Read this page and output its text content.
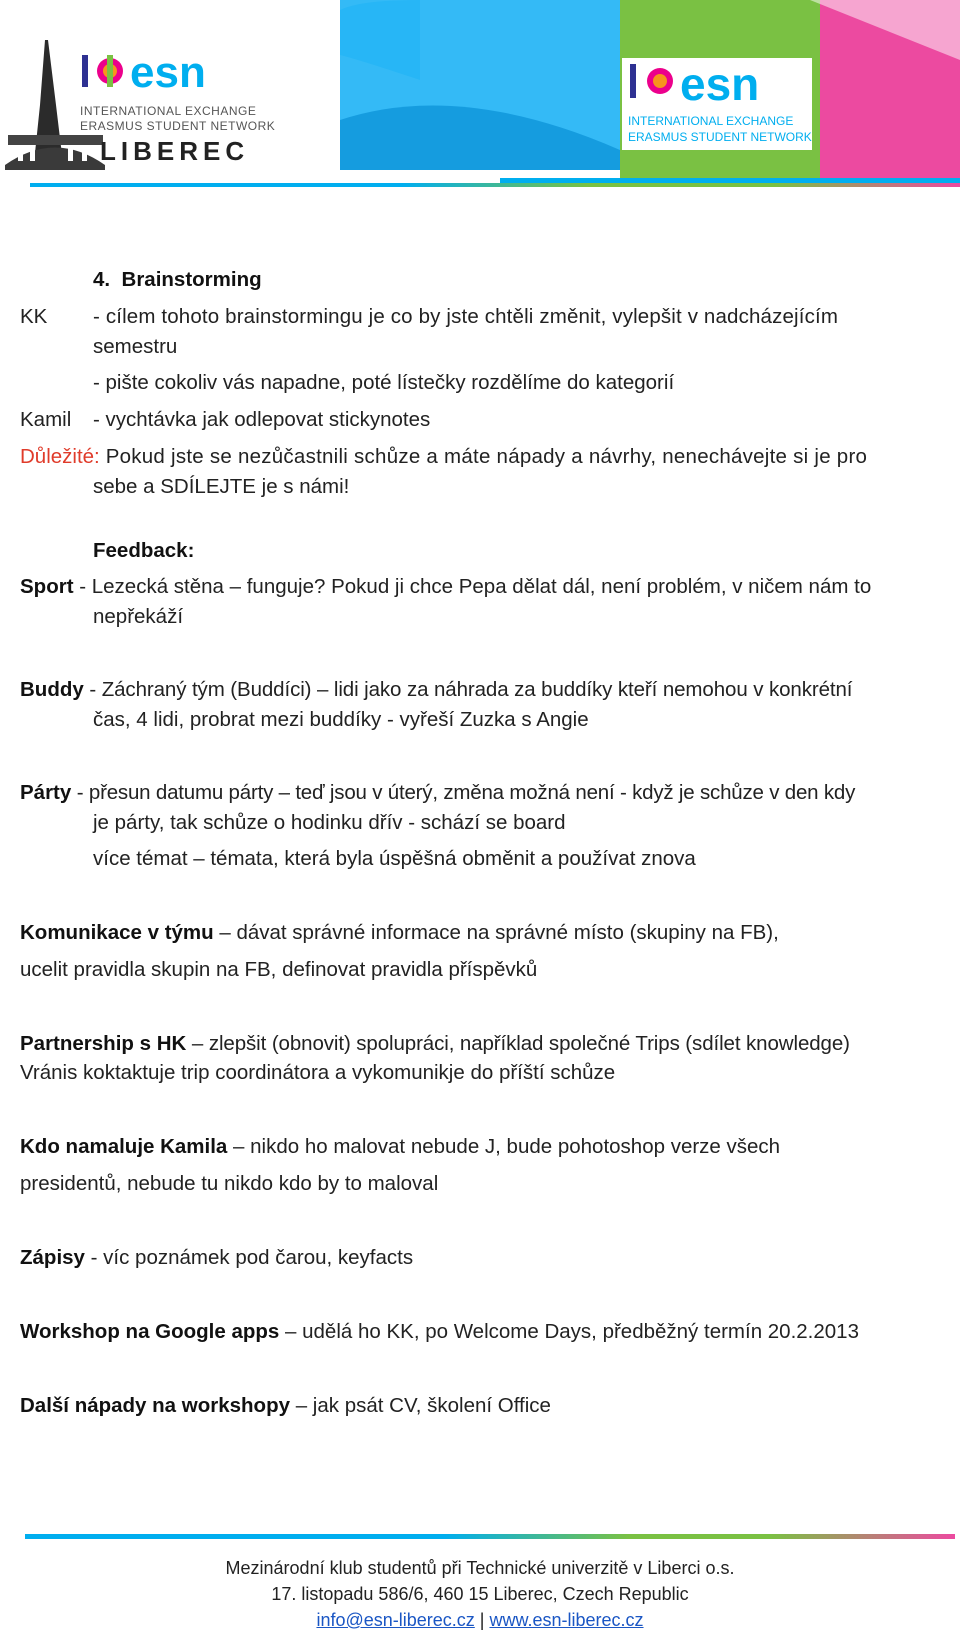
esn
INTERNATIONAL EXCHANGE
ERASMUS STUDENT NETWORK
LIBEREC
esn
INTERNATIONAL EXCHANGE
ERASMUS STUDENT NETWORK
4. Brainstorming
KK - cílem tohoto brainstormingu je co by jste chtěli změnit, vylepšit v nadcházejícím
semestru
- pište cokoliv vás napadne, poté lístečky rozdělíme do kategorií
Kamil - vychtávka jak odlepovat stickynotes
Důležité: Pokud jste se nezůčastnili schůze a máte nápady a návrhy, nenechávejte si je pro
sebe a SDÍLEJTE je s námi!
Feedback:
Sport - Lezecká stěna – funguje? Pokud ji chce Pepa dělat dál, není problém, v ničem nám to
nepřekáží
Buddy - Záchraný tým (Buddíci) – lidi jako za náhrada za buddíky kteří nemohou v konkrétní
čas, 4 lidi, probrat mezi buddíky - vyřeší Zuzka s Angie
Párty - přesun datumu párty – teď jsou v úterý, změna možná není - když je schůze v den kdy
je párty, tak schůze o hodinku dřív - schází se board
více témat – témata, která byla úspěšná obměnit a používat znova
Komunikace v týmu – dávat správné informace na správné místo (skupiny na FB),
ucelit pravidla skupin na FB, definovat pravidla příspěvků
Partnership s HK – zlepšit (obnovit) spolupráci, například společné Trips (sdílet knowledge)
Vránis koktaktuje trip coordinátora a vykomunikje do příští schůze
Kdo namaluje Kamila – nikdo ho malovat nebude J, bude pohotoshop verze všech
presidentů, nebude tu nikdo kdo by to maloval
Zápisy - víc poznámek pod čarou, keyfacts
Workshop na Google apps – udělá ho KK, po Welcome Days, předběžný termín 20.2.2013
Další nápady na workshopy – jak psát CV, školení Office
Mezinárodní klub studentů při Technické univerzitě v Liberci o.s.
17. listopadu 586/6, 460 15 Liberec, Czech Republic
info@esn-liberec.cz | www.esn-liberec.cz
